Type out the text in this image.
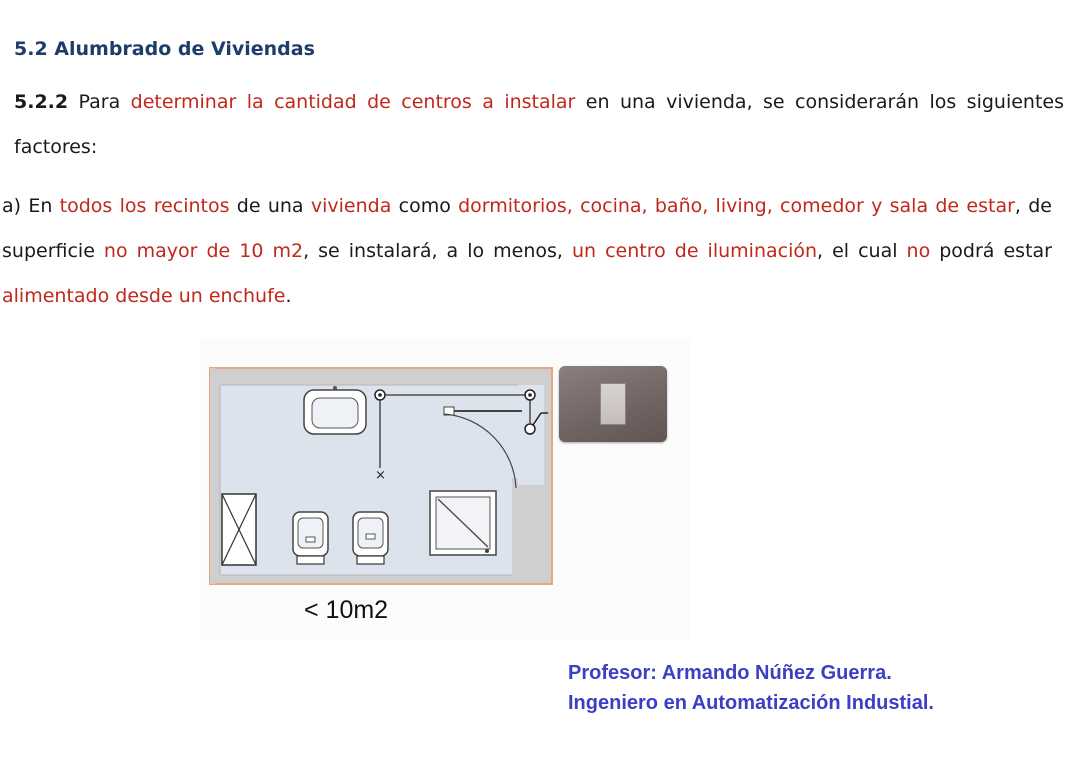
5.2 Alumbrado de Viviendas
5.2.2 Para determinar la cantidad de centros a instalar en una vivienda, se considerarán los siguientes factores:
a) En todos los recintos de una vivienda como dormitorios, cocina, baño, living, comedor y sala de estar, de superficie no mayor de 10 m2, se instalará, a lo menos, un centro de iluminación, el cual no podrá estar alimentado desde un enchufe.
×
< 10m2
Profesor: Armando Núñez Guerra.
Ingeniero en Automatización Industial.
